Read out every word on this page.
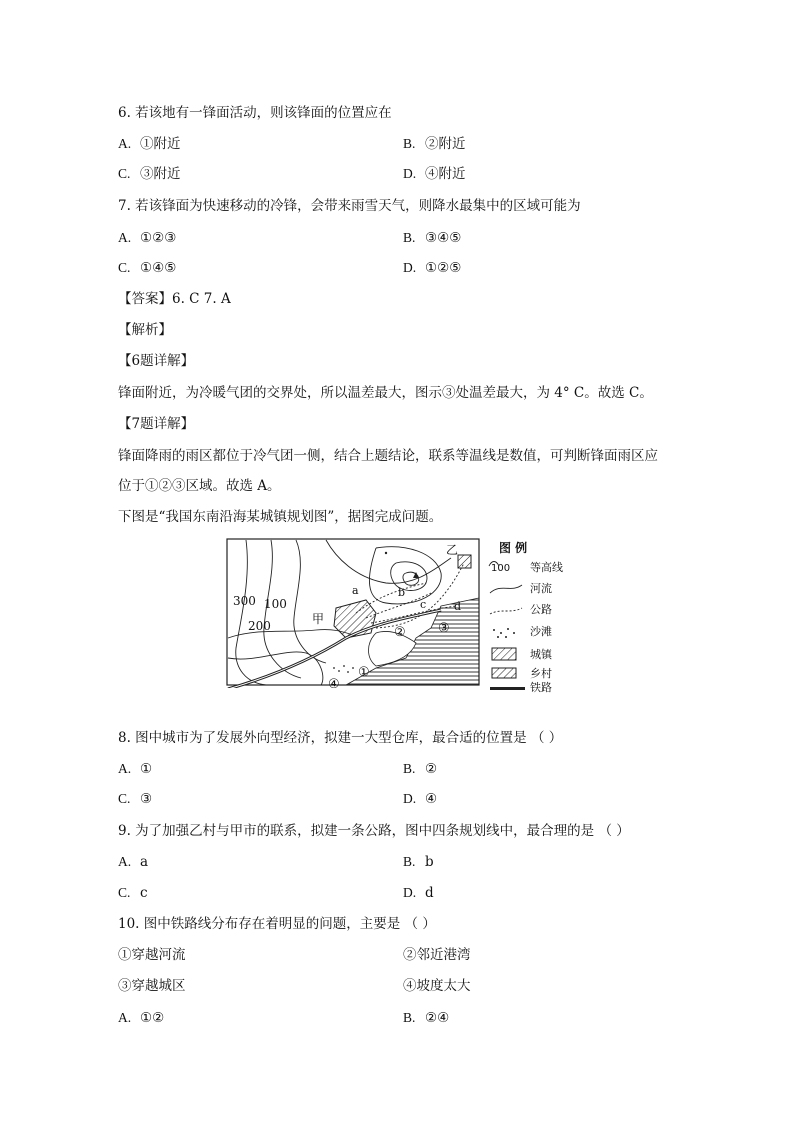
6. 若该地有一锋面活动，则该锋面的位置应在
A. ①附近	B. ②附近
C. ③附近	D. ④附近
7. 若该锋面为快速移动的冷锋，会带来雨雪天气，则降水最集中的区域可能为
A. ①②③	B. ③④⑤
C. ①④⑤	D. ①②⑤
【答案】6. C 7. A
【解析】
【6题详解】
锋面附近，为冷暖气团的交界处，所以温差最大，图示③处温差最大，为 4° C。故选 C。
【7题详解】
锋面降雨的雨区都位于冷气团一侧，结合上题结论，联系等温线是数值，可判断锋面雨区应
位于①②③区域。故选 A。
下图是“我国东南沿海某城镇规划图”，据图完成问题。
300 100
200	甲
乙
a	b
c	d
①
② ③
④
图 例
100 等高线
河流
公路
沙滩
城镇
乡村
铁路
8. 图中城市为了发展外向型经济，拟建一大型仓库，最合适的位置是 （ ）
A. ①	B. ②
C. ③	D. ④
9. 为了加强乙村与甲市的联系，拟建一条公路，图中四条规划线中，最合理的是 （ ）
A. a	B. b
C. c	D. d
10. 图中铁路线分布存在着明显的问题，主要是 （ ）
①穿越河流	②邻近港湾
③穿越城区	④坡度太大
A. ①②	B. ②④
